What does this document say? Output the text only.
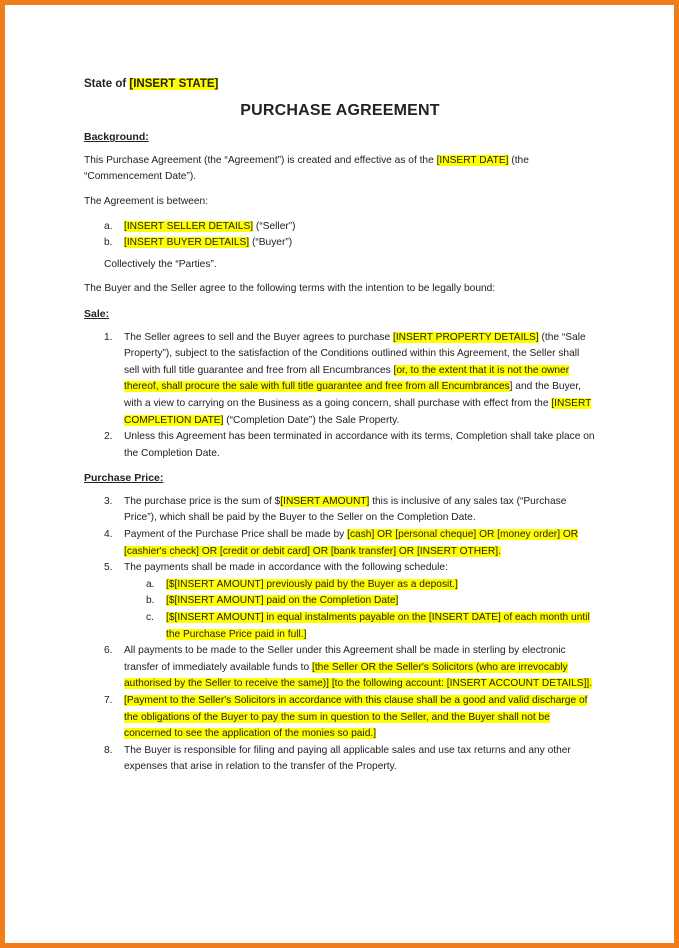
State of [INSERT STATE]
PURCHASE AGREEMENT
Background:

This Purchase Agreement (the “Agreement”) is created and effective as of the [INSERT DATE] (the “Commencement Date”).

The Agreement is between:

a. [INSERT SELLER DETAILS] (“Seller”)
b. [INSERT BUYER DETAILS] (“Buyer”)

Collectively the “Parties”.

The Buyer and the Seller agree to the following terms with the intention to be legally bound:

Sale:
1. The Seller agrees to sell and the Buyer agrees to purchase [INSERT PROPERTY DETAILS] (the “Sale Property”), subject to the satisfaction of the Conditions outlined within this Agreement, the Seller shall sell with full title guarantee and free from all Encumbrances [or, to the extent that it is not the owner thereof, shall procure the sale with full title guarantee and free from all Encumbrances] and the Buyer, with a view to carrying on the Business as a going concern, shall purchase with effect from the [INSERT COMPLETION DATE] (“Completion Date”) the Sale Property.
2. Unless this Agreement has been terminated in accordance with its terms, Completion shall take place on the Completion Date.
Purchase Price:
3. The purchase price is the sum of $[INSERT AMOUNT] this is inclusive of any sales tax (“Purchase Price”), which shall be paid by the Buyer to the Seller on the Completion Date.
4. Payment of the Purchase Price shall be made by [cash] OR [personal cheque] OR [money order] OR [cashier's check] OR [credit or debit card] OR [bank transfer] OR [INSERT OTHER].
5. The payments shall be made in accordance with the following schedule:
a. [$[INSERT AMOUNT] previously paid by the Buyer as a deposit.]
b. [$[INSERT AMOUNT] paid on the Completion Date]
c. [$[INSERT AMOUNT] in equal instalments payable on the [INSERT DATE] of each month until the Purchase Price paid in full.]
6. All payments to be made to the Seller under this Agreement shall be made in sterling by electronic transfer of immediately available funds to [the Seller OR the Seller's Solicitors (who are irrevocably authorised by the Seller to receive the same)] [to the following account: [INSERT ACCOUNT DETAILS]].
7. [Payment to the Seller's Solicitors in accordance with this clause shall be a good and valid discharge of the obligations of the Buyer to pay the sum in question to the Seller, and the Buyer shall not be concerned to see the application of the monies so paid.]
8. The Buyer is responsible for filing and paying all applicable sales and use tax returns and any other expenses that arise in relation to the transfer of the Property.
